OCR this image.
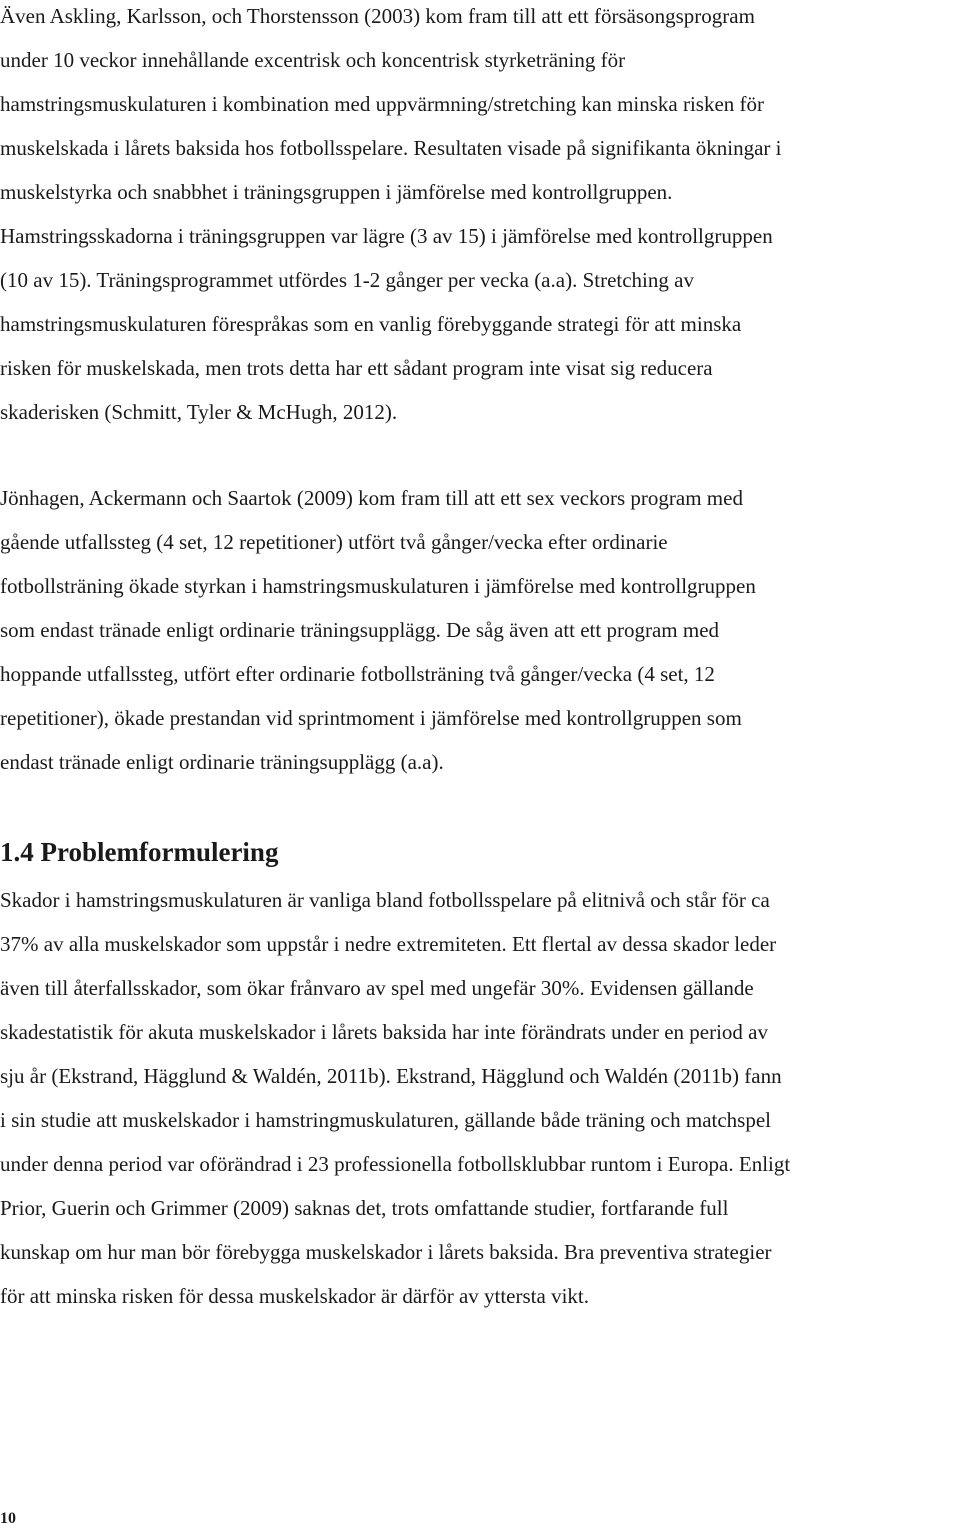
Även Askling, Karlsson, och Thorstensson (2003) kom fram till att ett försäsongsprogram
under 10 veckor innehållande excentrisk och koncentrisk styrketräning för
hamstringsmuskulaturen i kombination med uppvärmning/stretching kan minska risken för
muskelskada i lårets baksida hos fotbollsspelare. Resultaten visade på signifikanta ökningar i
muskelstyrka och snabbhet i träningsgruppen i jämförelse med kontrollgruppen.
Hamstringsskadorna i träningsgruppen var lägre (3 av 15) i jämförelse med kontrollgruppen
(10 av 15). Träningsprogrammet utfördes 1-2 gånger per vecka (a.a). Stretching av
hamstringsmuskulaturen förespråkas som en vanlig förebyggande strategi för att minska
risken för muskelskada, men trots detta har ett sådant program inte visat sig reducera
skaderisken (Schmitt, Tyler & McHugh, 2012).
Jönhagen, Ackermann och Saartok (2009) kom fram till att ett sex veckors program med
gående utfallssteg (4 set, 12 repetitioner) utfört två gånger/vecka efter ordinarie
fotbollsträning ökade styrkan i hamstringsmuskulaturen i jämförelse med kontrollgruppen
som endast tränade enligt ordinarie träningsupplägg. De såg även att ett program med
hoppande utfallssteg, utfört efter ordinarie fotbollsträning två gånger/vecka (4 set, 12
repetitioner), ökade prestandan vid sprintmoment i jämförelse med kontrollgruppen som
endast tränade enligt ordinarie träningsupplägg (a.a).
1.4 Problemformulering
Skador i hamstringsmuskulaturen är vanliga bland fotbollsspelare på elitnivå och står för ca
37% av alla muskelskador som uppstår i nedre extremiteten. Ett flertal av dessa skador leder
även till återfallsskador, som ökar frånvaro av spel med ungefär 30%. Evidensen gällande
skadestatistik för akuta muskelskador i lårets baksida har inte förändrats under en period av
sju år (Ekstrand, Hägglund & Waldén, 2011b). Ekstrand, Hägglund och Waldén (2011b) fann
i sin studie att muskelskador i hamstringmuskulaturen, gällande både träning och matchspel
under denna period var oförändrad i 23 professionella fotbollsklubbar runtom i Europa. Enligt
Prior, Guerin och Grimmer (2009) saknas det, trots omfattande studier, fortfarande full
kunskap om hur man bör förebygga muskelskador i lårets baksida. Bra preventiva strategier
för att minska risken för dessa muskelskador är därför av yttersta vikt.
10
